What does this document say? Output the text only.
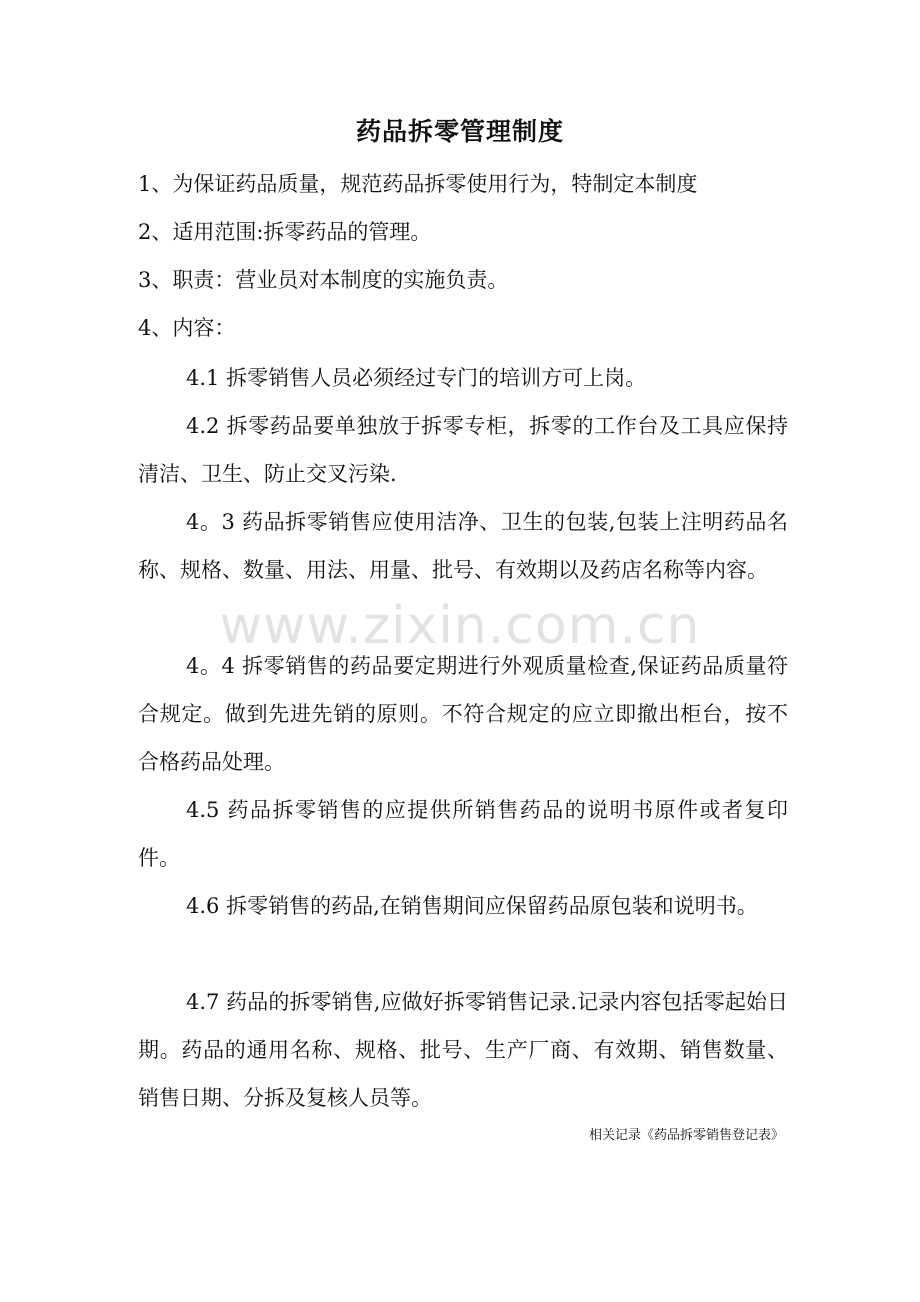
www.zixin.com.cn
药品拆零管理制度
1、为保证药品质量，规范药品拆零使用行为，特制定本制度
2、适用范围:拆零药品的管理。
3、职责：营业员对本制度的实施负责。
4、内容：
4.1 拆零销售人员必须经过专门的培训方可上岗。
4.2 拆零药品要单独放于拆零专柜，拆零的工作台及工具应保持清洁、卫生、防止交叉污染.
4。3 药品拆零销售应使用洁净、卫生的包装,包装上注明药品名称、规格、数量、用法、用量、批号、有效期以及药店名称等内容。
4。4 拆零销售的药品要定期进行外观质量检查,保证药品质量符合规定。做到先进先销的原则。不符合规定的应立即撤出柜台，按不合格药品处理。
4.5 药品拆零销售的应提供所销售药品的说明书原件或者复印件。
4.6 拆零销售的药品,在销售期间应保留药品原包装和说明书。
4.7 药品的拆零销售,应做好拆零销售记录.记录内容包括零起始日期。药品的通用名称、规格、批号、生产厂商、有效期、销售数量、销售日期、分拆及复核人员等。
相关记录《药品拆零销售登记表》
